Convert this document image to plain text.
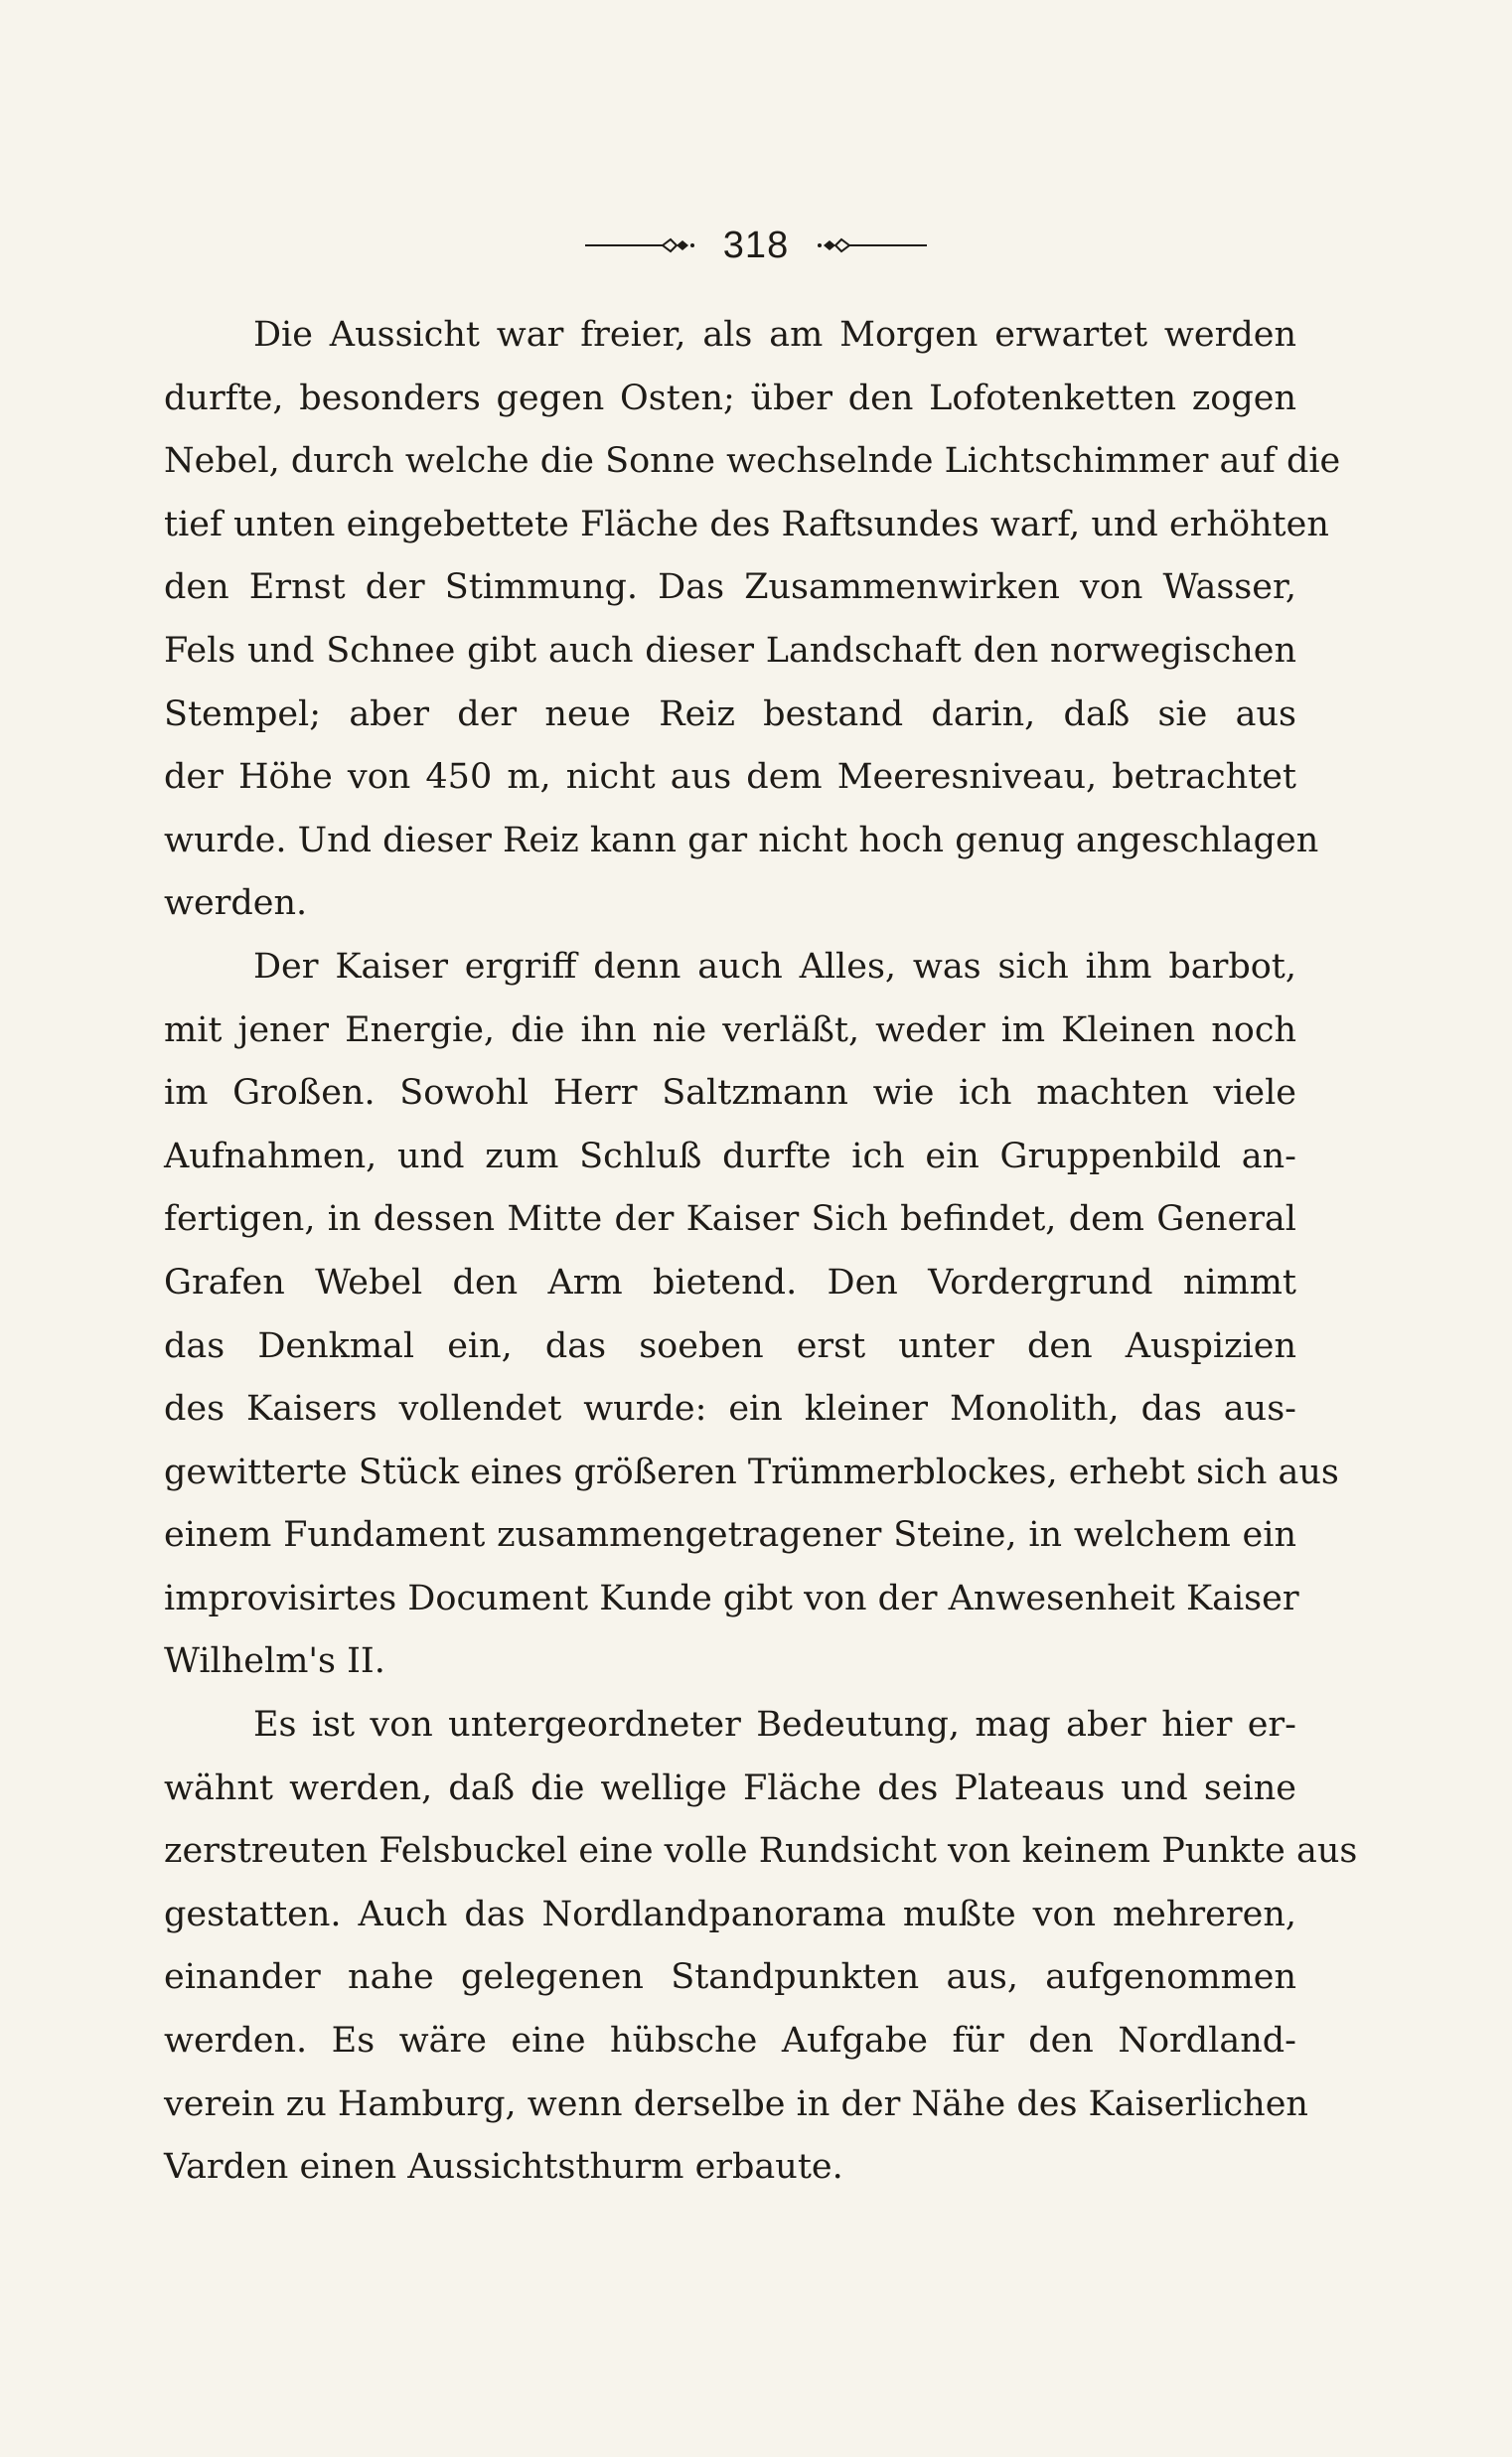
318
Die Aussicht war freier, als am Morgen erwartet werden
durfte, besonders gegen Osten; über den Lofotenketten zogen
Nebel, durch welche die Sonne wechselnde Lichtschimmer auf die
tief unten eingebettete Fläche des Raftsundes warf, und erhöhten
den Ernst der Stimmung. Das Zusammenwirken von Wasser,
Fels und Schnee gibt auch dieser Landschaft den norwegischen
Stempel; aber der neue Reiz bestand darin, daß sie aus
der Höhe von 450 m, nicht aus dem Meeresniveau, betrachtet
wurde. Und dieser Reiz kann gar nicht hoch genug angeschlagen
werden.
Der Kaiser ergriff denn auch Alles, was sich ihm barbot,
mit jener Energie, die ihn nie verläßt, weder im Kleinen noch
im Großen. Sowohl Herr Saltzmann wie ich machten viele
Aufnahmen, und zum Schluß durfte ich ein Gruppenbild an-
fertigen, in dessen Mitte der Kaiser Sich befindet, dem General
Grafen Webel den Arm bietend. Den Vordergrund nimmt
das Denkmal ein, das soeben erst unter den Auspizien
des Kaisers vollendet wurde: ein kleiner Monolith, das aus-
gewitterte Stück eines größeren Trümmerblockes, erhebt sich aus
einem Fundament zusammengetragener Steine, in welchem ein
improvisirtes Document Kunde gibt von der Anwesenheit Kaiser
Wilhelm's II.
Es ist von untergeordneter Bedeutung, mag aber hier er-
wähnt werden, daß die wellige Fläche des Plateaus und seine
zerstreuten Felsbuckel eine volle Rundsicht von keinem Punkte aus
gestatten. Auch das Nordlandpanorama mußte von mehreren,
einander nahe gelegenen Standpunkten aus, aufgenommen
werden. Es wäre eine hübsche Aufgabe für den Nordland-
verein zu Hamburg, wenn derselbe in der Nähe des Kaiserlichen
Varden einen Aussichtsthurm erbaute.
